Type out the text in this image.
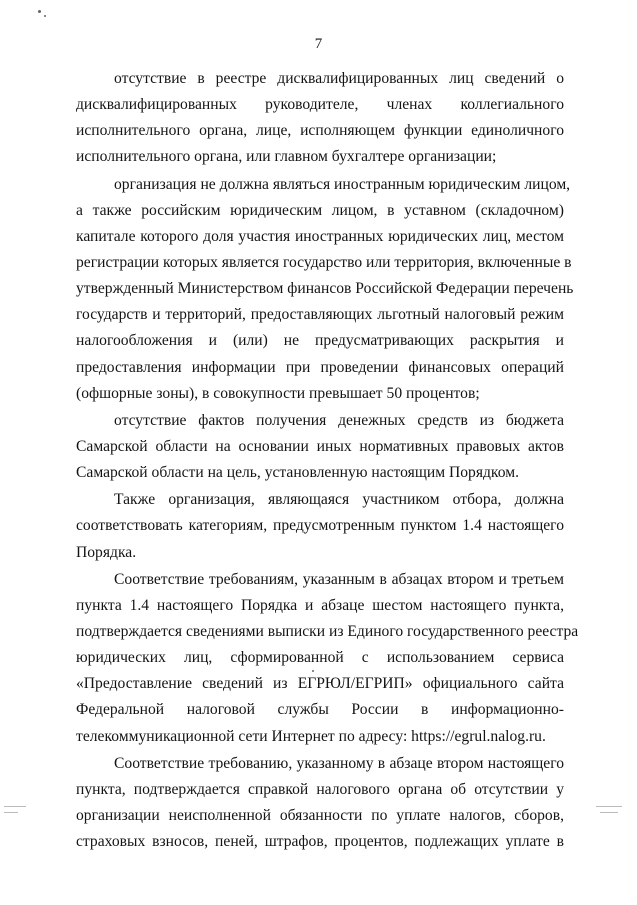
7
отсутствие в реестре дисквалифицированных лиц сведений о
дисквалифицированных руководителе, членах коллегиального
исполнительного органа, лице, исполняющем функции единоличного
исполнительного органа, или главном бухгалтере организации;
организация не должна являться иностранным юридическим лицом,
а также российским юридическим лицом, в уставном (складочном)
капитале которого доля участия иностранных юридических лиц, местом
регистрации которых является государство или территория, включенные в
утвержденный Министерством финансов Российской Федерации перечень
государств и территорий, предоставляющих льготный налоговый режим
налогообложения и (или) не предусматривающих раскрытия и
предоставления информации при проведении финансовых операций
(офшорные зоны), в совокупности превышает 50 процентов;
отсутствие фактов получения денежных средств из бюджета
Самарской области на основании иных нормативных правовых актов
Самарской области на цель, установленную настоящим Порядком.
Также организация, являющаяся участником отбора, должна
соответствовать категориям, предусмотренным пунктом 1.4 настоящего
Порядка.
Соответствие требованиям, указанным в абзацах втором и третьем
пункта 1.4 настоящего Порядка и абзаце шестом настоящего пункта,
подтверждается сведениями выписки из Единого государственного реестра
юридических лиц, сформированной с использованием сервиса
«Предоставление сведений из ЕГРЮЛ/ЕГРИП» официального сайта
Федеральной налоговой службы России в информационно-
телекоммуникационной сети Интернет по адресу: https://egrul.nalog.ru.
Соответствие требованию, указанному в абзаце втором настоящего
пункта, подтверждается справкой налогового органа об отсутствии у
организации неисполненной обязанности по уплате налогов, сборов,
страховых взносов, пеней, штрафов, процентов, подлежащих уплате в
